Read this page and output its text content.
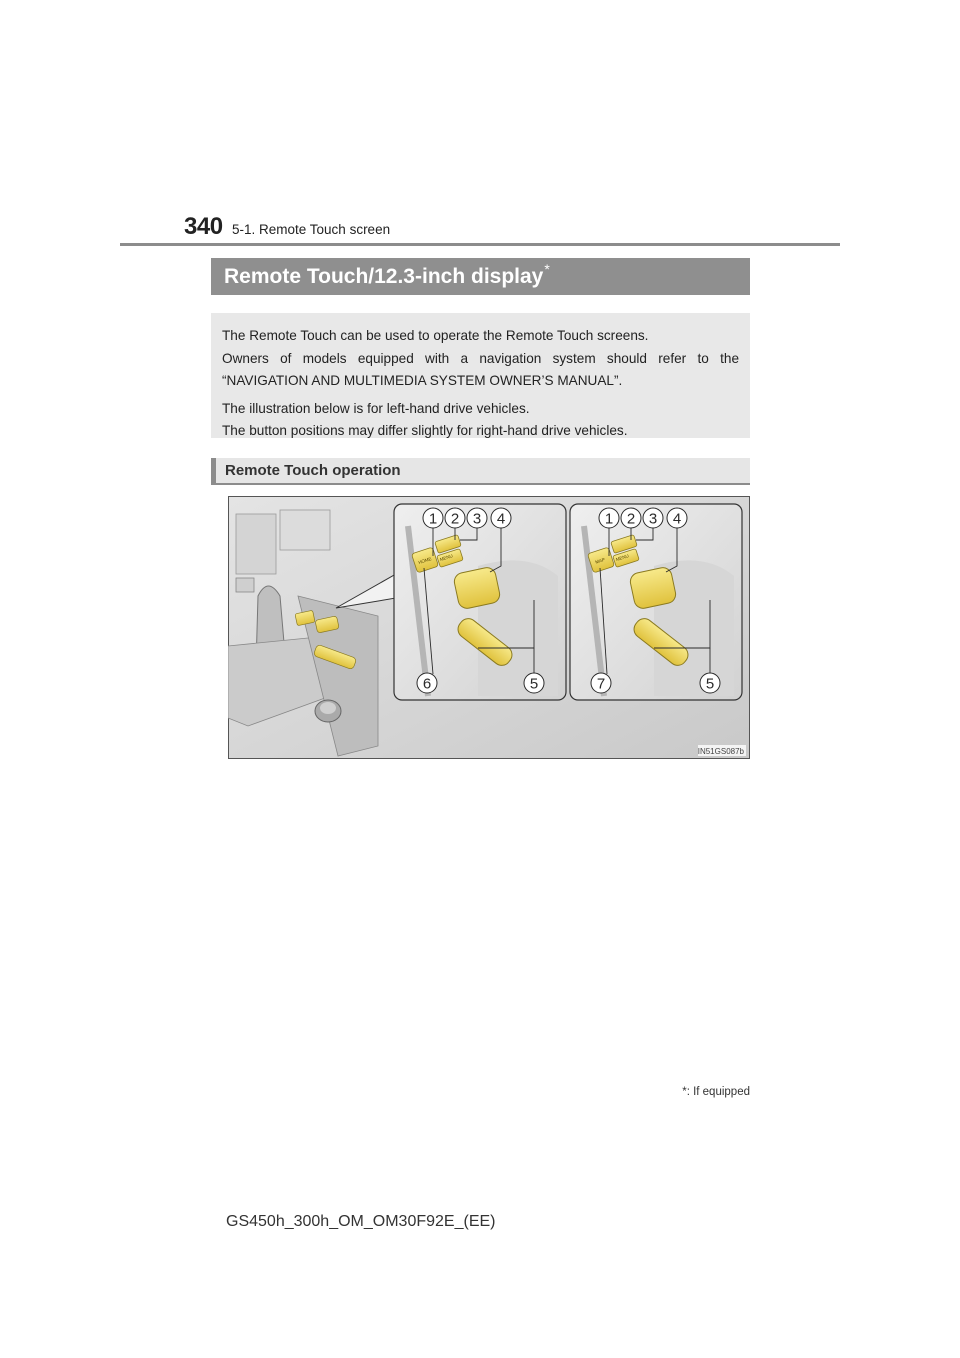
340 5-1. Remote Touch screen
Remote Touch/12.3-inch display *

The Remote Touch can be used to operate the Remote Touch screens.

Owners of models equipped with a navigation system should refer to the “NAVIGATION AND MULTIMEDIA SYSTEM OWNER’S MANUAL”.

The illustration below is for left-hand drive vehicles.

The button positions may differ slightly for right-hand drive vehicles.

Remote Touch operation
HOME MENU	MAP MENU
1 2 3 4
6	5
1 2 3 4
7	5
IN51GS087b
*: If equipped
GS450h_300h_OM_OM30F92E_(EE)
